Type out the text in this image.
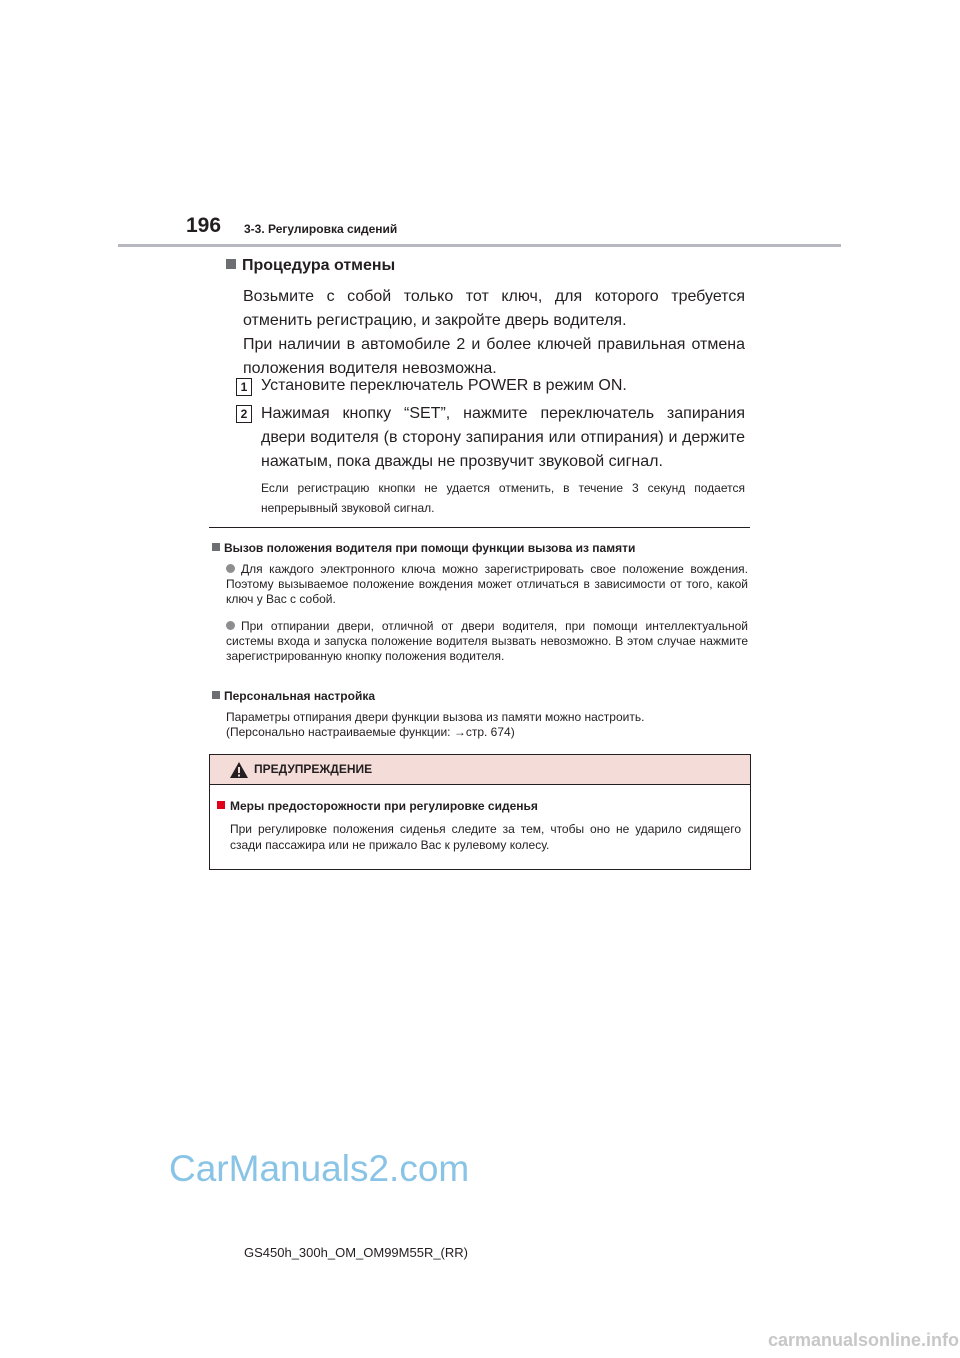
196 3-3. Регулировка сидений
Процедура отмены
Возьмите с собой только тот ключ, для которого требуется отменить регистрацию, и закройте дверь водителя.
При наличии в автомобиле 2 и более ключей правильная отмена положения водителя невозможна.
1 Установите переключатель POWER в режим ON.
2 Нажимая кнопку “SET”, нажмите переключатель запирания двери водителя (в сторону запирания или отпирания) и держите нажатым, пока дважды не прозвучит звуковой сигнал.
Если регистрацию кнопки не удается отменить, в течение 3 секунд подается непрерывный звуковой сигнал.
Вызов положения водителя при помощи функции вызова из памяти
Для каждого электронного ключа можно зарегистрировать свое положение вождения. Поэтому вызываемое положение вождения может отличаться в зависимости от того, какой ключ у Вас с собой.
При отпирании двери, отличной от двери водителя, при помощи интеллектуальной системы входа и запуска положение водителя вызвать невозможно. В этом случае нажмите зарегистрированную кнопку положения водителя.
Персональная настройка
Параметры отпирания двери функции вызова из памяти можно настроить.
(Персонально настраиваемые функции: →стр. 674)
ПРЕДУПРЕЖДЕНИЕ
Меры предосторожности при регулировке сиденья
При регулировке положения сиденья следите за тем, чтобы оно не ударило сидящего сзади пассажира или не прижало Вас к рулевому колесу.
CarManuals2.com
GS450h_300h_OM_OM99M55R_(RR)
carmanualsonline.info
